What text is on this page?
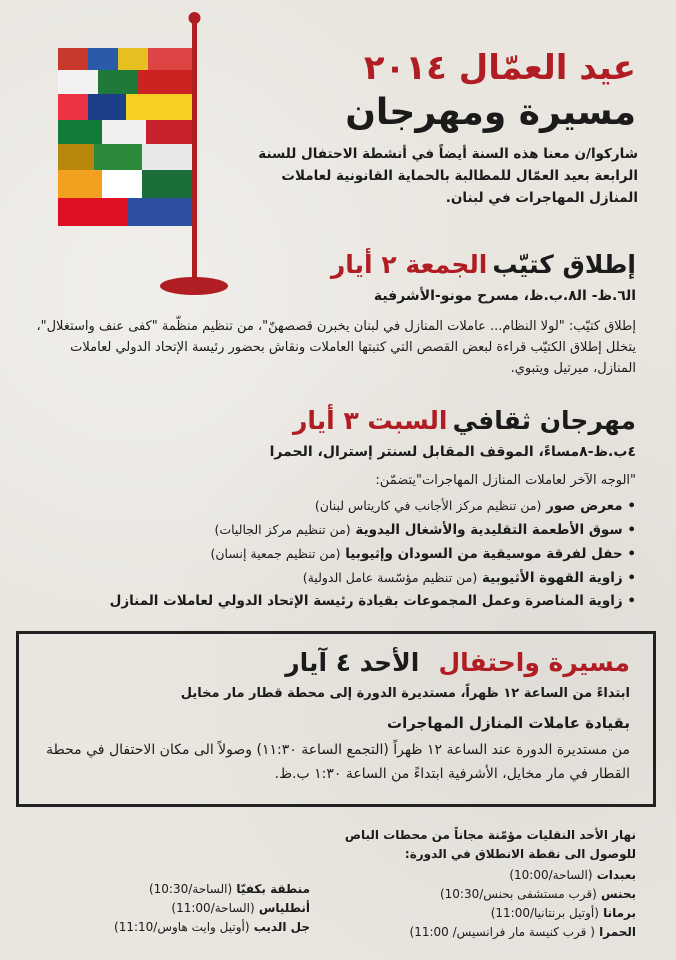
عيد العمّال ٢٠١٤
مسيرة ومهرجان
شاركوا/ن معنا هذه السنة أيضاً في أنشطة الاحتفال للسنة الرابعة بعيد العمّال للمطالبة بالحماية القانونية لعاملات المنازل المهاجرات في لبنان.
إطلاق كتيّب الجمعة ٢ أيار
اﻟ٦.ﻅ- اﻟ٨.ب.ﻅ، مسرح مونو-الأشرفية
إطلاق كتيّب: "لولا النظام... عاملات المنازل في لبنان يخبرن قصصهنّ"، من تنظيم منظّمة "كفى عنف واستغلال"، يتخلل إطلاق الكتيّب قراءة لبعض القصص التي كتبتها العاملات ونقاش بحضور رئيسة الإتحاد الدولي لعاملات المنازل، ميرتيل ويتبوي.
مهرجان ثقافي السبت ٣ أيار
٤ب.ﻅ-٨مساءً، الموقف المقابل لسنتر إسترال، الحمرا
"الوجه الآخر لعاملات المنازل المهاجرات"يتضمّن:
• معرض صور (من تنظيم مركز الأجانب في كاريتاس لبنان)
• سوق الأطعمة التقليدية والأشغال اليدوية (من تنظيم مركز الجاليات)
• حفل لفرقة موسيقية من السودان وإثيوبيا (من تنظيم جمعية إنسان)
• زاوية القهوة الأثيوبية (من تنظيم مؤسّسة عامل الدولية)
• زاوية المناصرة وعمل المجموعات بقيادة رئيسة الإتحاد الدولي لعاملات المنازل
مسيرة واحتفال الأحد ٤ آيار
ابتداءً من الساعة ١٢ ظهراً، مستديرة الدورة إلى محطة قطار مار مخايل
بقيادة عاملات المنازل المهاجرات
من مستديرة الدورة عند الساعة ١٢ ظهراً (التجمع الساعة ١١:٣٠) وصولاً الى مكان الاحتفال في محطة القطار في مار مخايل، الأشرفية ابتداءً من الساعة ١:٣٠ ب.ظ.
نهار الأحد النقليات مؤمّنة مجاناً من محطات الباص للوصول الى نقطة الانطلاق في الدورة:
بعبدات (الساحة/10:00)
بحنس (قرب مستشفى بحنس/10:30)
برمانا (أوتيل برنتانيا/11:00)
الحمرا ( قرب كنيسة مار فرانسيس/ 11:00)
منطقة بكفيّا (الساحة/10:30)
أنطلياس (الساحة/11:00)
جل الديب (أوتيل وايت هاوس/11:10)
